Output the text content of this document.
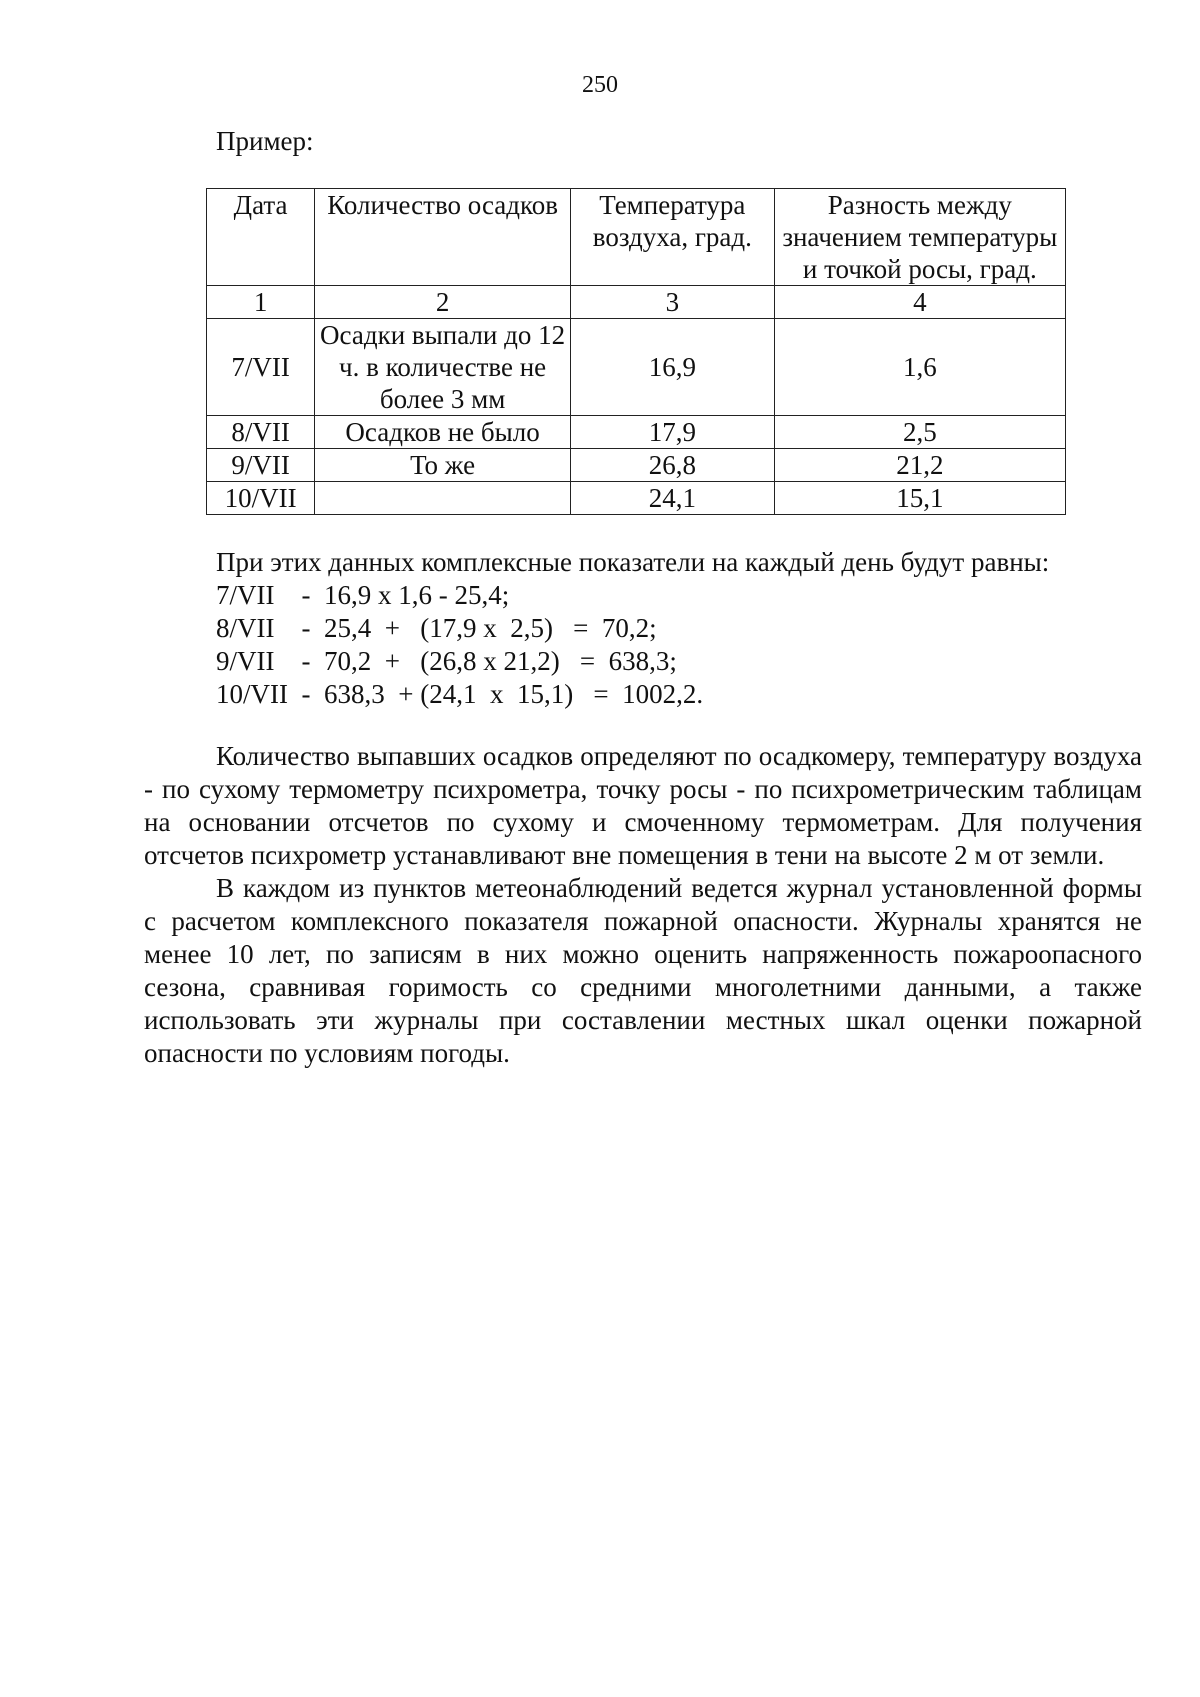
250
Пример:
Дата	Количество осадков	Температура воздуха, град.	Разность между значением температуры и точкой росы, град.
1	2	3	4
7/VII	Осадки выпали до 12 ч. в количестве не более 3 мм	16,9	1,6
8/VII	Осадков не было	17,9	2,5
9/VII	То же	26,8	21,2
10/VII		24,1	15,1
При этих данных комплексные показатели на каждый день будут равны:
7/VII    -  16,9 х 1,6 - 25,4;
8/VII    -  25,4  +   (17,9 х  2,5)   =  70,2;
9/VII    -  70,2  +   (26,8 х 21,2)   =  638,3;
10/VII  -  638,3  + (24,1  х  15,1)   =  1002,2.

Количество выпавших осадков определяют по осадкомеру, температуру воздуха - по сухому термометру психрометра, точку росы - по психрометрическим таблицам на основании отсчетов по сухому и смоченному термометрам. Для получения отсчетов психрометр устанавливают вне помещения в тени на высоте 2 м от земли.

В каждом из пунктов метеонаблюдений ведется журнал установленной формы с расчетом комплексного показателя пожарной опасности. Журналы хранятся не менее 10 лет, по записям в них можно оценить напряженность пожароопасного сезона, сравнивая горимость со средними многолетними данными, а также использовать эти журналы при составлении местных шкал оценки пожарной опасности по условиям погоды.
